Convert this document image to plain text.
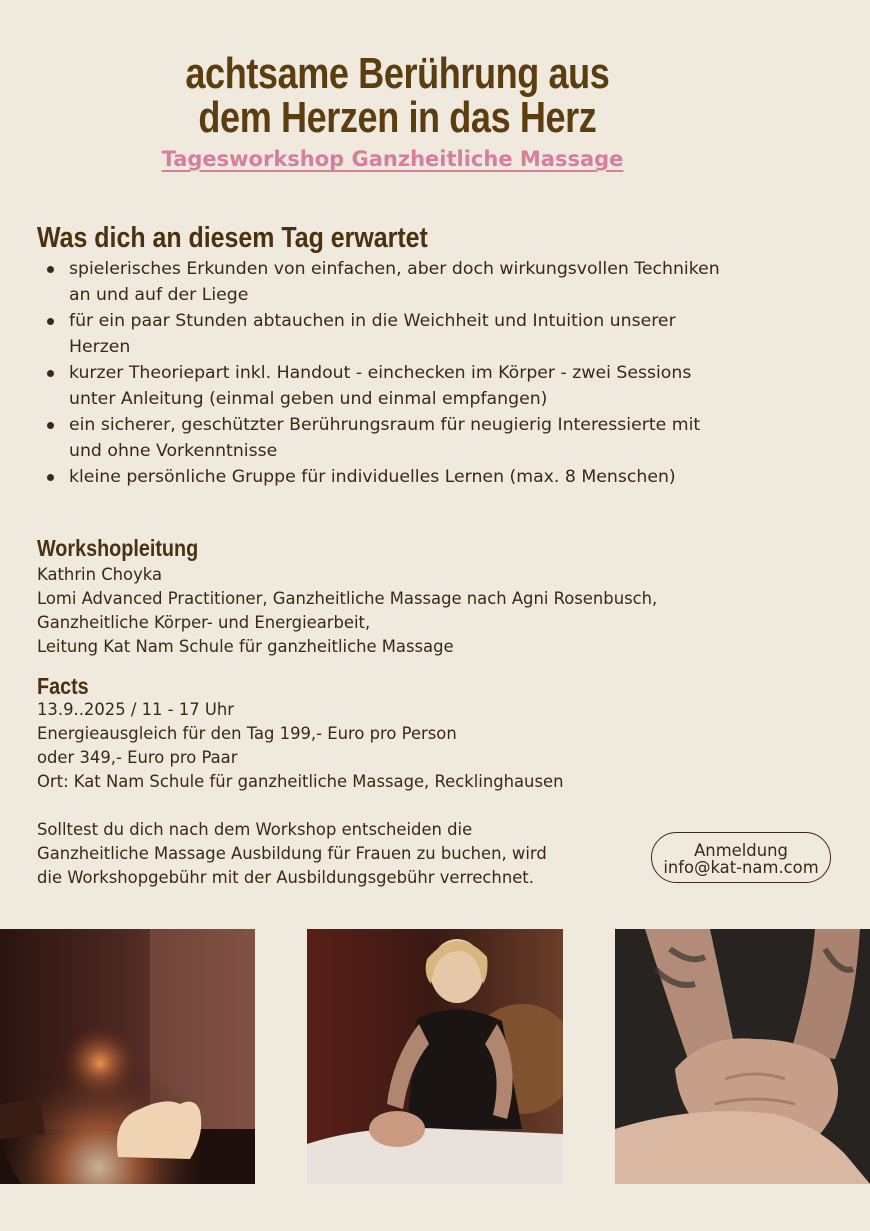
achtsame Berührung aus
dem Herzen in das Herz
Tagesworkshop Ganzheitliche Massage
Was dich an diesem Tag erwartet
spielerisches Erkunden von einfachen, aber doch wirkungsvollen Techniken
an und auf der Liege
für ein paar Stunden abtauchen in die Weichheit und Intuition unserer
Herzen
kurzer Theoriepart inkl. Handout - einchecken im Körper - zwei Sessions
unter Anleitung (einmal geben und einmal empfangen)
ein sicherer, geschützter Berührungsraum für neugierig Interessierte mit
und ohne Vorkenntnisse
kleine persönliche Gruppe für individuelles Lernen (max. 8 Menschen)
Workshopleitung
Kathrin Choyka
Lomi Advanced Practitioner, Ganzheitliche Massage nach Agni Rosenbusch,
Ganzheitliche Körper- und Energiearbeit,
Leitung Kat Nam Schule für ganzheitliche Massage
Facts
13.9..2025 / 11 - 17 Uhr
Energieausgleich für den Tag 199,- Euro pro Person
oder 349,- Euro pro Paar
Ort: Kat Nam Schule für ganzheitliche Massage, Recklinghausen
Solltest du dich nach dem Workshop entscheiden die
Ganzheitliche Massage Ausbildung für Frauen zu buchen, wird
die Workshopgebühr mit der Ausbildungsgebühr verrechnet.
Anmeldung
info@kat-nam.com
